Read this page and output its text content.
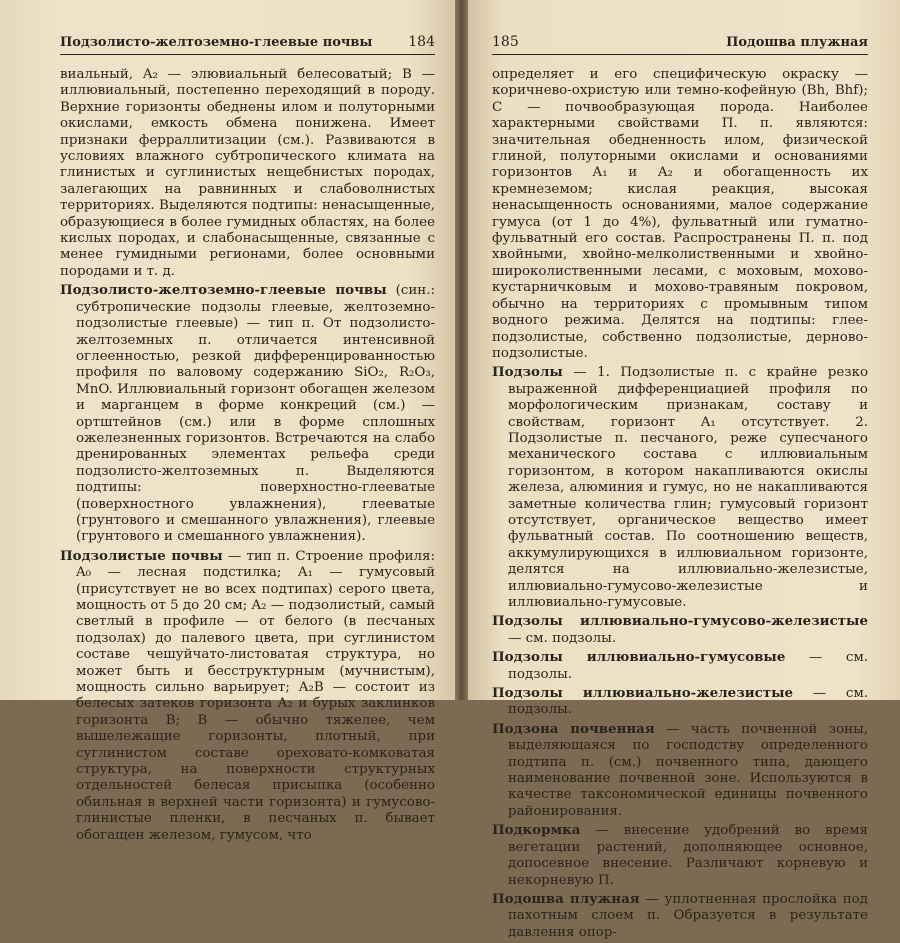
Подзолисто-желтоземно-глеевые почвы	184

виальный, A₂ — элювиальный белесоватый; B — иллювиальный, постепенно переходящий в породу. Верхние горизонты обеднены илом и полуторными окислами, емкость обмена понижена. Имеет признаки ферраллитизации (см.). Развиваются в условиях влажного субтропического климата на глинистых и суглинистых нещебнистых породах, залегающих на равнинных и слабоволнистых территориях. Выделяются подтипы: ненасыщенные, образующиеся в более гумидных областях, на более кислых породах, и слабонасыщенные, связанные с менее гумидными регионами, более основными породами и т. д.

Подзолисто-желтоземно-глеевые почвы (син.: субтропические подзолы глеевые, желтоземно-подзолистые глеевые) — тип п. От подзолисто-желтоземных п. отличается интенсивной оглеенностью, резкой дифференцированностью профиля по валовому содержанию SiO₂, R₂O₃, MnO. Иллювиальный горизонт обогащен железом и марганцем в форме конкреций (см.) — ортштейнов (см.) или в форме сплошных ожелезненных горизонтов. Встречаются на слабо дренированных элементах рельефа среди подзолисто-желтоземных п. Выделяются подтипы: поверхностно-глееватые (поверхностного увлажнения), глееватые (грунтового и смешанного увлажнения), глеевые (грунтового и смешанного увлажнения).

Подзолистые почвы — тип п. Строение профиля: A₀ — лесная подстилка; A₁ — гумусовый (присутствует не во всех подтипах) серого цвета, мощность от 5 до 20 см; A₂ — подзолистый, самый светлый в профиле — от белого (в песчаных подзолах) до палевого цвета, при суглинистом составе чешуйчато-листоватая структура, но может быть и бесструктурным (мучнистым), мощность сильно варьирует; A₂B — состоит из белесых затеков горизонта A₂ и бурых заклинков горизонта B; B — обычно тяжелее, чем вышележащие горизонты, плотный, при суглинистом составе ореховато-комковатая структура, на поверхности структурных отдельностей белесая присыпка (особенно обильная в верхней части горизонта) и гумусово-глинистые пленки, в песчаных п. бывает обогащен железом, гумусом, что

185	Подошва плужная

определяет и его специфическую окраску — коричнево-охристую или темно-кофейную (Bh, Bhf); C — почвообразующая порода. Наиболее характерными свойствами П. п. являются: значительная обедненность илом, физической глиной, полуторными окислами и основаниями горизонтов A₁ и A₂ и обогащенность их кремнеземом; кислая реакция, высокая ненасыщенность основаниями, малое содержание гумуса (от 1 до 4%), фульватный или гуматно-фульватный его состав. Распространены П. п. под хвойными, хвойно-мелколиственными и хвойно-широколиственными лесами, с моховым, мохово-кустарничковым и мохово-травяным покровом, обычно на территориях с промывным типом водного режима. Делятся на подтипы: глее-подзолистые, собственно подзолистые, дерново-подзолистые.

Подзолы — 1. Подзолистые п. с крайне резко выраженной дифференциацией профиля по морфологическим признакам, составу и свойствам, горизонт A₁ отсутствует. 2. Подзолистые п. песчаного, реже супесчаного механического состава с иллювиальным горизонтом, в котором накапливаются окислы железа, алюминия и гумус, но не накапливаются заметные количества глин; гумусовый горизонт отсутствует, органическое вещество имеет фульватный состав. По соотношению веществ, аккумулирующихся в иллювиальном горизонте, делятся на иллювиально-железистые, иллювиально-гумусово-железистые и иллювиально-гумусовые.

Подзолы иллювиально-гумусово-железистые — см. подзолы.

Подзолы иллювиально-гумусовые — см. подзолы.

Подзолы иллювиально-железистые — см. подзолы.

Подзона почвенная — часть почвенной зоны, выделяющаяся по господству определенного подтипа п. (см.) почвенного типа, дающего наименование почвенной зоне. Используются в качестве таксономической единицы почвенного районирования.

Подкормка — внесение удобрений во время вегетации растений, дополняющее основное, допосевное внесение. Различают корневую и некорневую П.

Подошва плужная — уплотненная прослойка под пахотным слоем п. Образуется в результате давления опор-
